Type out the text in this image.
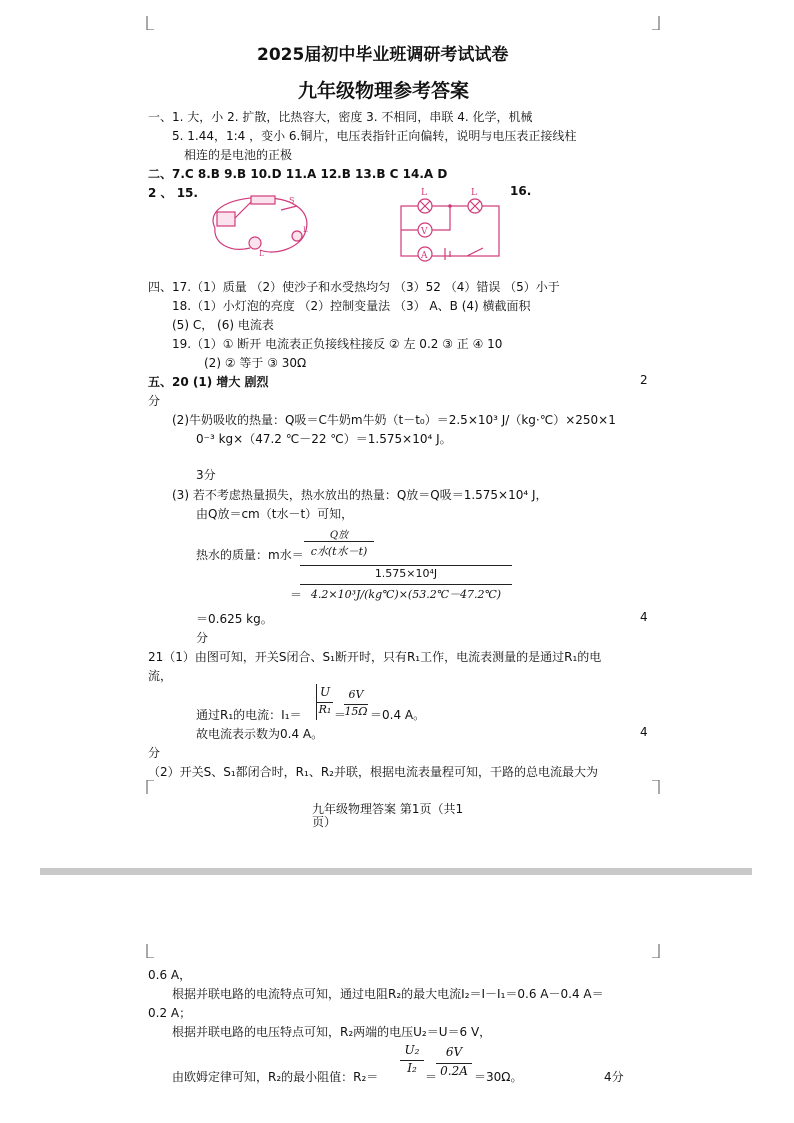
2025届初中毕业班调研考试试卷
九年级物理参考答案
一、1. 大，小 2. 扩散，比热容大，密度 3. 不相同，串联 4. 化学，机械
5. 1.44，1:4 ，变小 6.铜片，电压表指针正向偏转，说明与电压表正接线柱
相连的是电池的正极
二、7.C 8.B 9.B 10.D 11.A 12.B 13.B C 14.A D
2 、 15.	16.
S
L
L
L	L
V
A
四、17.（1）质量 （2）使沙子和水受热均匀 （3）52 （4）错误 （5）小于
18.（1）小灯泡的亮度 （2）控制变量法 （3） A、B (4) 横截面积
(5) C， (6) 电流表
19.（1）① 断开 电流表正负接线柱接反 ② 左 0.2 ③ 正 ④ 10
(2) ② 等于 ③ 30Ω
五、20 (1) 增大 剧烈	2
分
(2)牛奶吸收的热量：Q吸＝C牛奶m牛奶（t－t₀）＝2.5×10³ J/（kg·℃）×250×1
0⁻³ kg×（47.2 ℃－22 ℃）＝1.575×10⁴ J。
3分
(3) 若不考虑热量损失，热水放出的热量：Q放＝Q吸＝1.575×10⁴ J，
由Q放＝cm（t水－t）可知，
热水的质量：m水＝
Q放
c水(t水－t)
1.575×10⁴J
＝ 4.2×10³J/(kg℃)×(53.2℃－47.2℃)
＝0.625 kg。	4
分
21（1）由图可知，开关S闭合、S₁断开时，只有R₁工作，电流表测量的是通过R₁的电
流，
通过R₁的电流：I₁＝
U
R₁ ＝
6V
15Ω ＝0.4 A。
故电流表示数为0.4 A。	4
分
（2）开关S、S₁都闭合时，R₁、R₂并联，根据电流表量程可知，干路的总电流最大为
九年级物理答案 第1页（共1
页）
0.6 A，
根据并联电路的电流特点可知，通过电阻R₂的最大电流I₂＝I－I₁＝0.6 A－0.4 A＝
0.2 A；
根据并联电路的电压特点可知，R₂两端的电压U₂＝U＝6 V，
由欧姆定律可知，R₂的最小阻值：R₂＝
U₂
I₂
＝
6V
0.2A ＝30Ω。	4分
